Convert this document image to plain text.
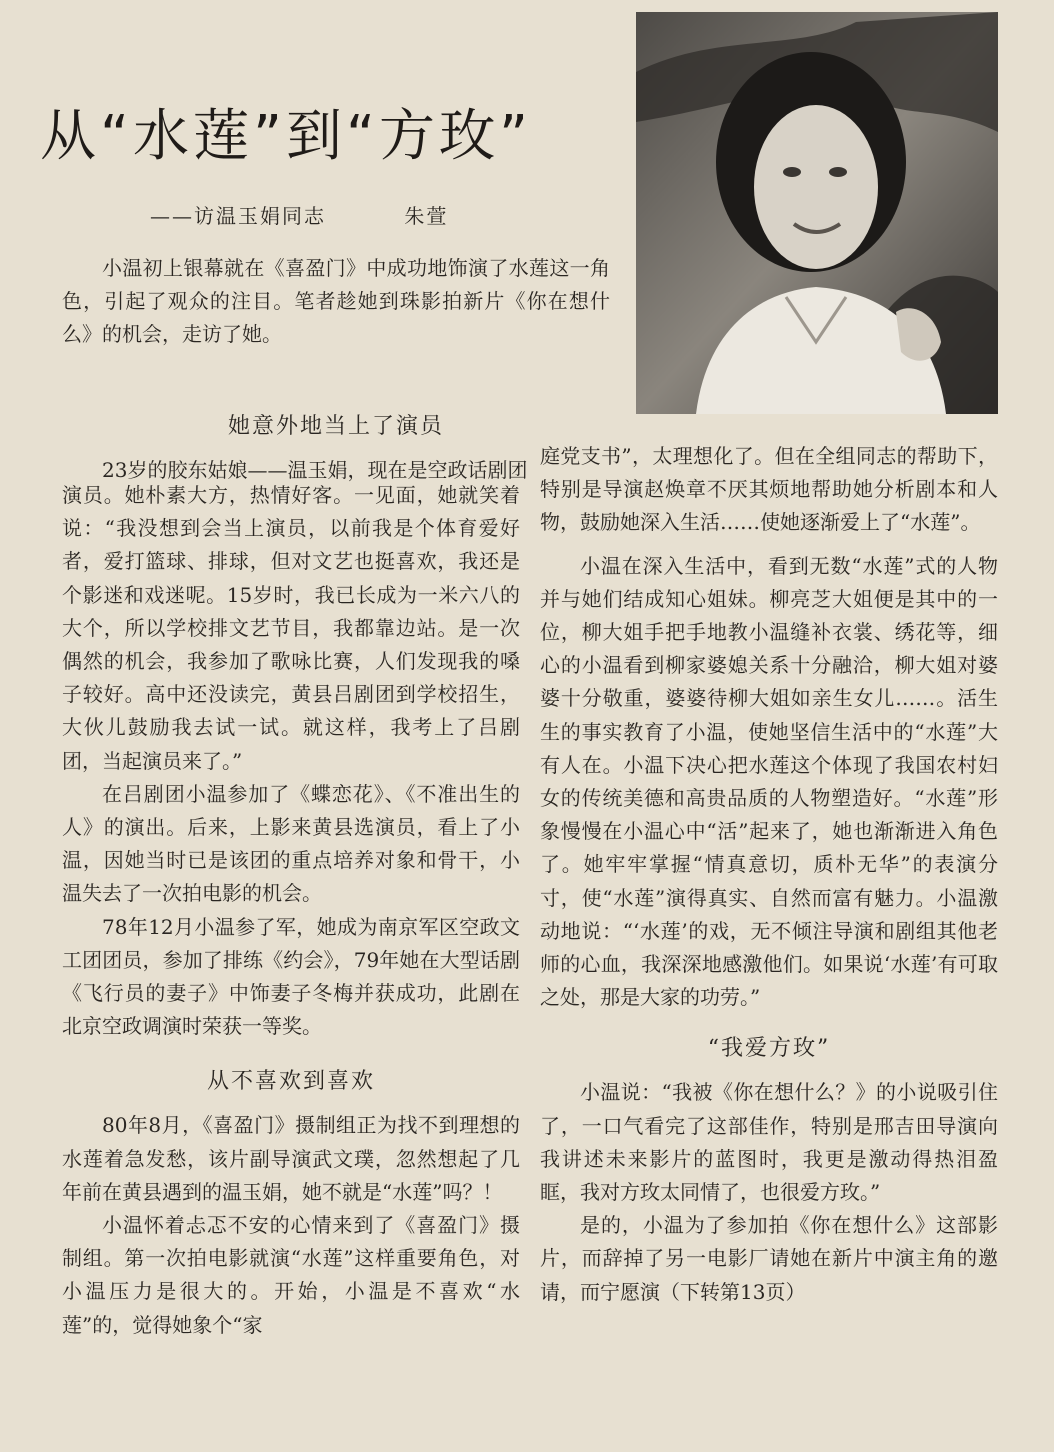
从“水莲”到“方玫”
——访温玉娟同志	朱萱

小温初上银幕就在《喜盈门》中成功地饰演了水莲这一角色，引起了观众的注目。笔者趁她到珠影拍新片《你在想什么》的机会，走访了她。

她意外地当上了演员

23岁的胶东姑娘——温玉娟，现在是空政话剧团

演员。她朴素大方，热情好客。一见面，她就笑着说：“我没想到会当上演员，以前我是个体育爱好者，爱打篮球、排球，但对文艺也挺喜欢，我还是个影迷和戏迷呢。15岁时，我已长成为一米六八的大个，所以学校排文艺节目，我都靠边站。是一次偶然的机会，我参加了歌咏比赛，人们发现我的嗓子较好。高中还没读完，黄县吕剧团到学校招生，大伙儿鼓励我去试一试。就这样，我考上了吕剧团，当起演员来了。”

在吕剧团小温参加了《蝶恋花》、《不准出生的人》的演出。后来，上影来黄县选演员，看上了小温，因她当时已是该团的重点培养对象和骨干，小温失去了一次拍电影的机会。

78年12月小温参了军，她成为南京军区空政文工团团员，参加了排练《约会》，79年她在大型话剧《飞行员的妻子》中饰妻子冬梅并获成功，此剧在北京空政调演时荣获一等奖。

从不喜欢到喜欢

80年8月，《喜盈门》摄制组正为找不到理想的水莲着急发愁，该片副导演武文璞，忽然想起了几年前在黄县遇到的温玉娟，她不就是“水莲”吗？！

小温怀着忐忑不安的心情来到了《喜盈门》摄制组。第一次拍电影就演“水莲”这样重要角色，对小温压力是很大的。开始，小温是不喜欢“水莲”的，觉得她象个“家

庭党支书”，太理想化了。但在全组同志的帮助下，特别是导演赵焕章不厌其烦地帮助她分析剧本和人物，鼓励她深入生活……使她逐渐爱上了“水莲”。

小温在深入生活中，看到无数“水莲”式的人物并与她们结成知心姐妹。柳亮芝大姐便是其中的一位，柳大姐手把手地教小温缝补衣裳、绣花等，细心的小温看到柳家婆媳关系十分融洽，柳大姐对婆婆十分敬重，婆婆待柳大姐如亲生女儿……。活生生的事实教育了小温，使她坚信生活中的“水莲”大有人在。小温下决心把水莲这个体现了我国农村妇女的传统美德和高贵品质的人物塑造好。“水莲”形象慢慢在小温心中“活”起来了，她也渐渐进入角色了。她牢牢掌握“情真意切，质朴无华”的表演分寸，使“水莲”演得真实、自然而富有魅力。小温激动地说：“‘水莲’的戏，无不倾注导演和剧组其他老师的心血，我深深地感激他们。如果说‘水莲’有可取之处，那是大家的功劳。”

“我爱方玫”

小温说：“我被《你在想什么？》的小说吸引住了，一口气看完了这部佳作，特别是邢吉田导演向我讲述未来影片的蓝图时，我更是激动得热泪盈眶，我对方玫太同情了，也很爱方玫。”

是的，小温为了参加拍《你在想什么》这部影片，而辞掉了另一电影厂请她在新片中演主角的邀请，而宁愿演（下转第13页）
